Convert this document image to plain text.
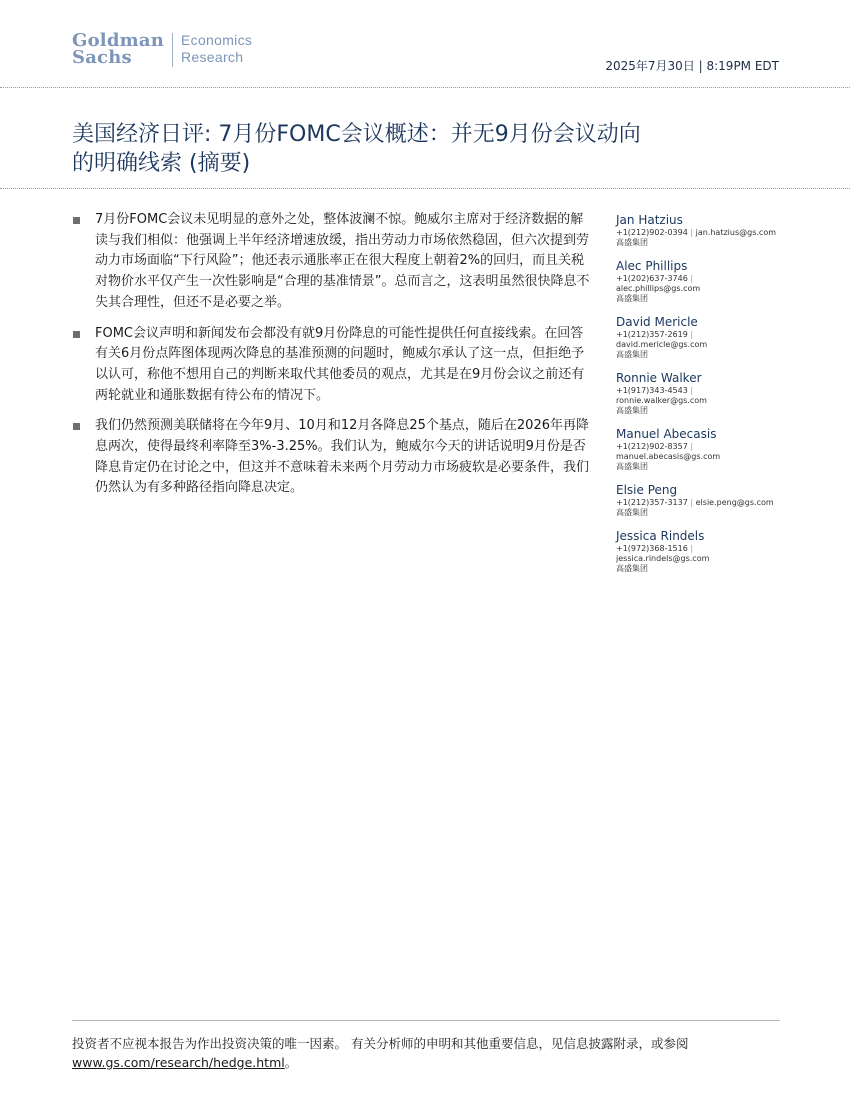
Goldman
Sachs
Economics
Research
2025年7月30日 | 8:19PM EDT
美国经济日评: 7月份FOMC会议概述：并无9月份会议动向
的明确线索 (摘要)
7月份FOMC会议未见明显的意外之处，整体波澜不惊。鲍威尔主席对于经济数据的解读与我们相似：他强调上半年经济增速放缓，指出劳动力市场依然稳固，但六次提到劳动力市场面临“下行风险”；他还表示通胀率正在很大程度上朝着2%的回归，而且关税对物价水平仅产生一次性影响是“合理的基准情景”。总而言之，这表明虽然很快降息不失其合理性，但还不是必要之举。
FOMC会议声明和新闻发布会都没有就9月份降息的可能性提供任何直接线索。在回答有关6月份点阵图体现两次降息的基准预测的问题时，鲍威尔承认了这一点，但拒绝予以认可，称他不想用自己的判断来取代其他委员的观点，尤其是在9月份会议之前还有两轮就业和通胀数据有待公布的情况下。
我们仍然预测美联储将在今年9月、10月和12月各降息25个基点，随后在2026年再降息两次，使得最终利率降至3%-3.25%。我们认为，鲍威尔今天的讲话说明9月份是否降息肯定仍在讨论之中，但这并不意味着未来两个月劳动力市场疲软是必要条件，我们仍然认为有多种路径指向降息决定。
Jan Hatzius
+1(212)902-0394 | jan.hatzius@gs.com
高盛集团
Alec Phillips
+1(202)637-3746 |
alec.phillips@gs.com
高盛集团
David Mericle
+1(212)357-2619 |
david.mericle@gs.com
高盛集团
Ronnie Walker
+1(917)343-4543 |
ronnie.walker@gs.com
高盛集团
Manuel Abecasis
+1(212)902-8357 |
manuel.abecasis@gs.com
高盛集团
Elsie Peng
+1(212)357-3137 | elsie.peng@gs.com
高盛集团
Jessica Rindels
+1(972)368-1516 |
jessica.rindels@gs.com
高盛集团
投资者不应视本报告为作出投资决策的唯一因素。 有关分析师的申明和其他重要信息，见信息披露附录，或参阅
www.gs.com/research/hedge.html。
